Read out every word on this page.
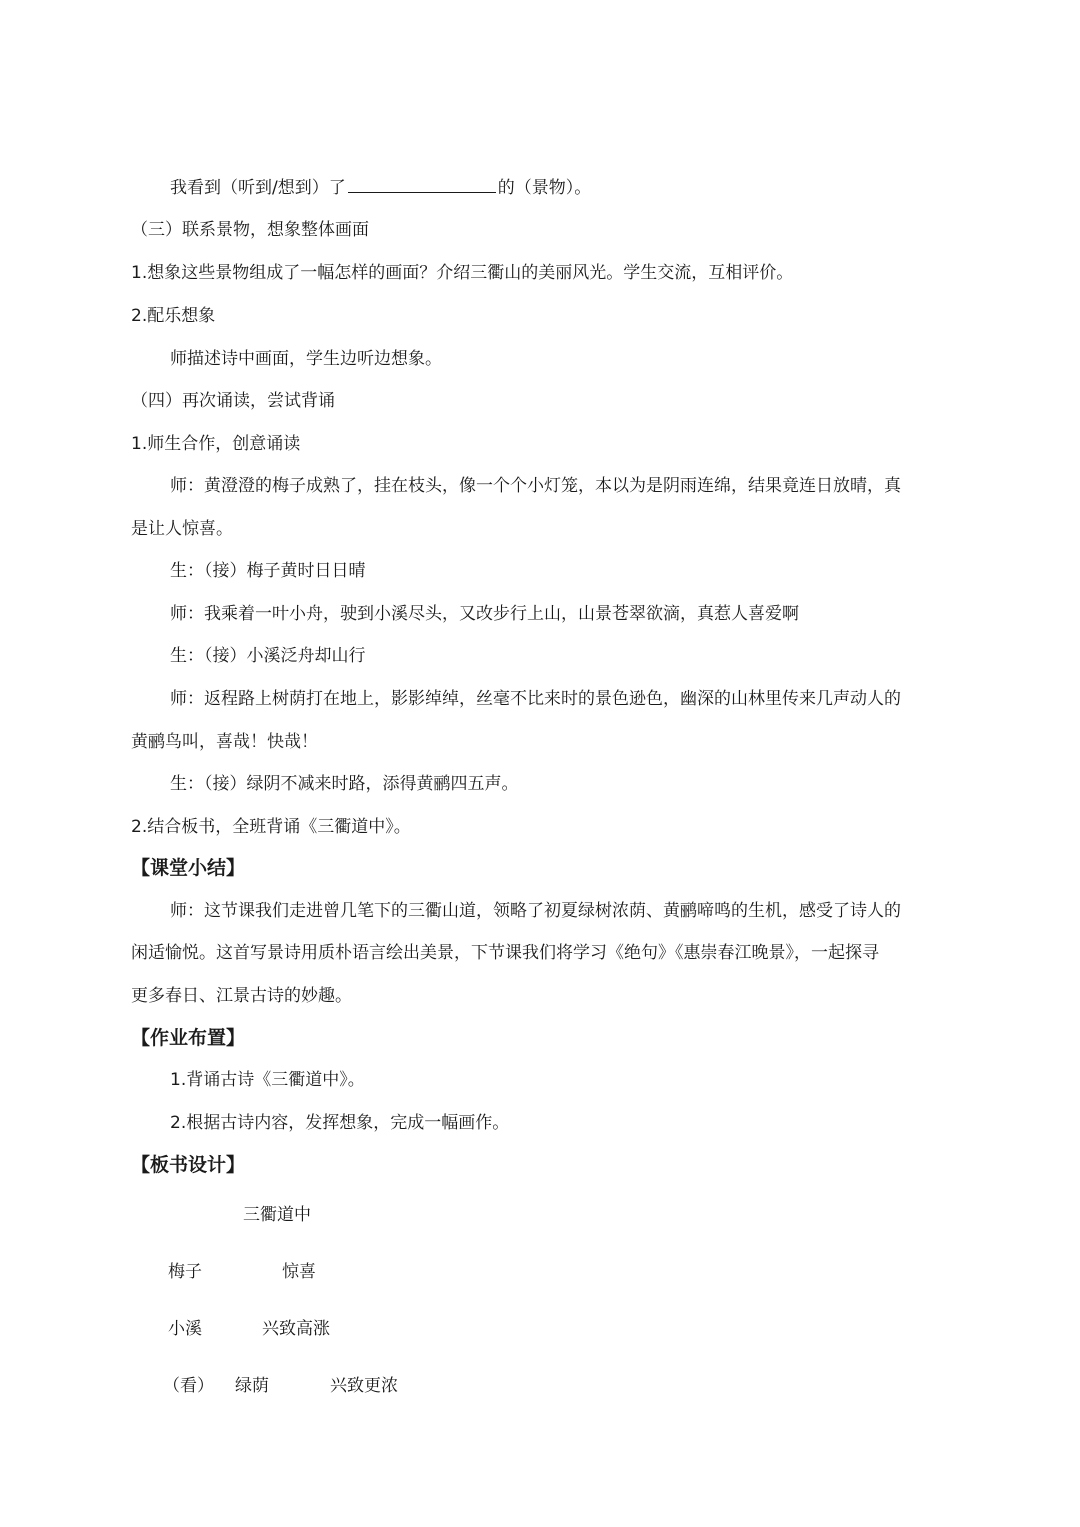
我看到（听到/想到）了	的（景物）。
（三）联系景物，想象整体画面
1.想象这些景物组成了一幅怎样的画面？介绍三衢山的美丽风光。学生交流，互相评价。
2.配乐想象
师描述诗中画面，学生边听边想象。
（四）再次诵读，尝试背诵
1.师生合作，创意诵读
师：黄澄澄的梅子成熟了，挂在枝头，像一个个小灯笼，本以为是阴雨连绵，结果竟连日放晴，真
是让人惊喜。
生：（接）梅子黄时日日晴
师：我乘着一叶小舟，驶到小溪尽头，又改步行上山，山景苍翠欲滴，真惹人喜爱啊
生：（接）小溪泛舟却山行
师：返程路上树荫打在地上，影影绰绰，丝毫不比来时的景色逊色，幽深的山林里传来几声动人的
黄鹂鸟叫，喜哉！快哉！
生：（接）绿阴不减来时路，添得黄鹂四五声。
2.结合板书，全班背诵《三衢道中》。
【课堂小结】
师：这节课我们走进曾几笔下的三衢山道，领略了初夏绿树浓荫、黄鹂啼鸣的生机，感受了诗人的
闲适愉悦。这首写景诗用质朴语言绘出美景，下节课我们将学习《绝句》《惠崇春江晚景》，一起探寻
更多春日、江景古诗的妙趣。
【作业布置】
1.背诵古诗《三衢道中》。
2.根据古诗内容，发挥想象，完成一幅画作。
【板书设计】
三衢道中
梅子	惊喜
小溪	兴致高涨
（看） 绿荫	兴致更浓
